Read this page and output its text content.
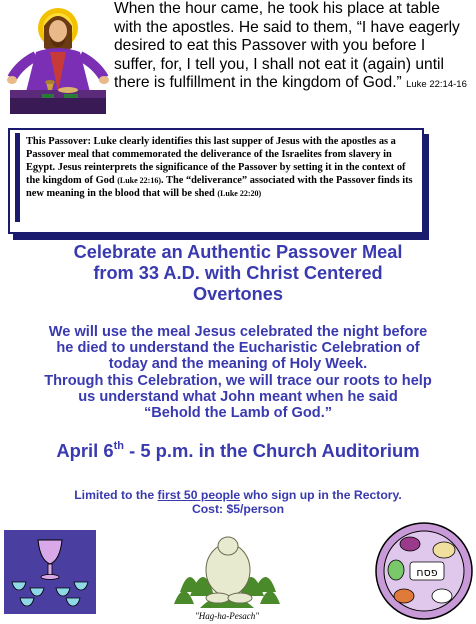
When the hour came, he took his place at table with the apostles. He said to them, “I have eagerly desired to eat this Passover with you before I suffer, for, I tell you, I shall not eat it (again) until there is fulfillment in the kingdom of God.” Luke 22:14-16
This Passover: Luke clearly identifies this last supper of Jesus with the apostles as a Passover meal that commemorated the deliverance of the Israelites from slavery in Egypt. Jesus reinterprets the significance of the Passover by setting it in the context of the kingdom of God (Luke 22:16). The “deliverance” associated with the Passover finds its new meaning in the blood that will be shed (Luke 22:20)
Celebrate an Authentic Passover Meal
from 33 A.D. with Christ Centered
Overtones
We will use the meal Jesus celebrated the night before
he died to understand the Eucharistic Celebration of
today and the meaning of Holy Week.
Through this Celebration, we will trace our roots to help
us understand what John meant when he said
“Behold the Lamb of God.”
April 6th - 5 p.m. in the Church Auditorium
Limited to the first 50 people who sign up in the Rectory.
Cost: $5/person
"Hag-ha-Pesach"
פסח
